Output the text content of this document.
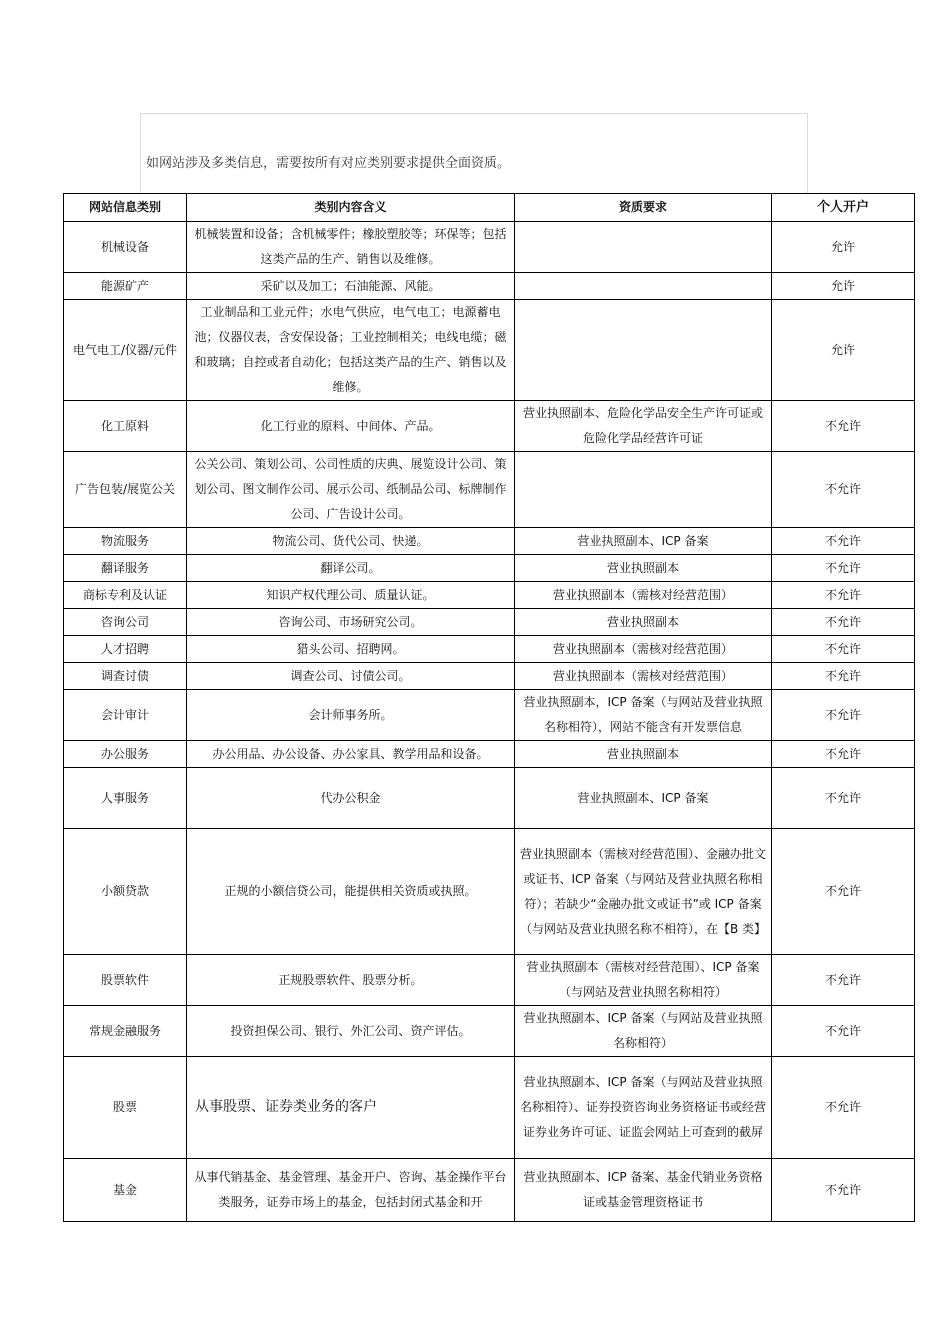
如网站涉及多类信息，需要按所有对应类别要求提供全面资质。
网站信息类别	类别内容含义	资质要求	个人开户
机械设备	机械装置和设备；含机械零件；橡胶塑胶等；环保等；包括这类产品的生产、销售以及维修。		允许
能源矿产	采矿以及加工；石油能源、风能。		允许
电气电工/仪器/元件	工业制品和工业元件；水电气供应，电气电工；电源蓄电池；仪器仪表，含安保设备；工业控制相关；电线电缆；磁和玻璃；自控或者自动化；包括这类产品的生产、销售以及维修。		允许
化工原料	化工行业的原料、中间体、产品。	营业执照副本、危险化学品安全生产许可证或危险化学品经营许可证	不允许
广告包装/展览公关	公关公司、策划公司、公司性质的庆典、展览设计公司、策划公司、图文制作公司、展示公司、纸制品公司、标牌制作公司、广告设计公司。		不允许
物流服务	物流公司、货代公司、快递。	营业执照副本、ICP 备案	不允许
翻译服务	翻译公司。	营业执照副本	不允许
商标专利及认证	知识产权代理公司、质量认证。	营业执照副本（需核对经营范围）	不允许
咨询公司	咨询公司、市场研究公司。	营业执照副本	不允许
人才招聘	猎头公司、招聘网。	营业执照副本（需核对经营范围）	不允许
调查讨债	调查公司、讨债公司。	营业执照副本（需核对经营范围）	不允许
会计审计	会计师事务所。	营业执照副本，ICP 备案（与网站及营业执照名称相符），网站不能含有开发票信息	不允许
办公服务	办公用品、办公设备、办公家具、教学用品和设备。	营业执照副本	不允许
人事服务	代办公积金	营业执照副本、ICP 备案	不允许
小额贷款	正规的小额信贷公司，能提供相关资质或执照。	营业执照副本（需核对经营范围）、金融办批文或证书、ICP 备案（与网站及营业执照名称相符）；若缺少“金融办批文或证书”或 ICP 备案（与网站及营业执照名称不相符），在【B 类】	不允许
股票软件	正规股票软件、股票分析。	营业执照副本（需核对经营范围）、ICP 备案（与网站及营业执照名称相符）	不允许
常规金融服务	投资担保公司、银行、外汇公司、资产评估。	营业执照副本、ICP 备案（与网站及营业执照名称相符）	不允许
股票	从事股票、证券类业务的客户	营业执照副本、ICP 备案（与网站及营业执照名称相符）、证券投资咨询业务资格证书或经营证券业务许可证、证监会网站上可查到的截屏	不允许
基金	从事代销基金、基金管理、基金开户、咨询、基金操作平台类服务，证券市场上的基金，包括封闭式基金和开	营业执照副本、ICP 备案、基金代销业务资格证或基金管理资格证书	不允许
